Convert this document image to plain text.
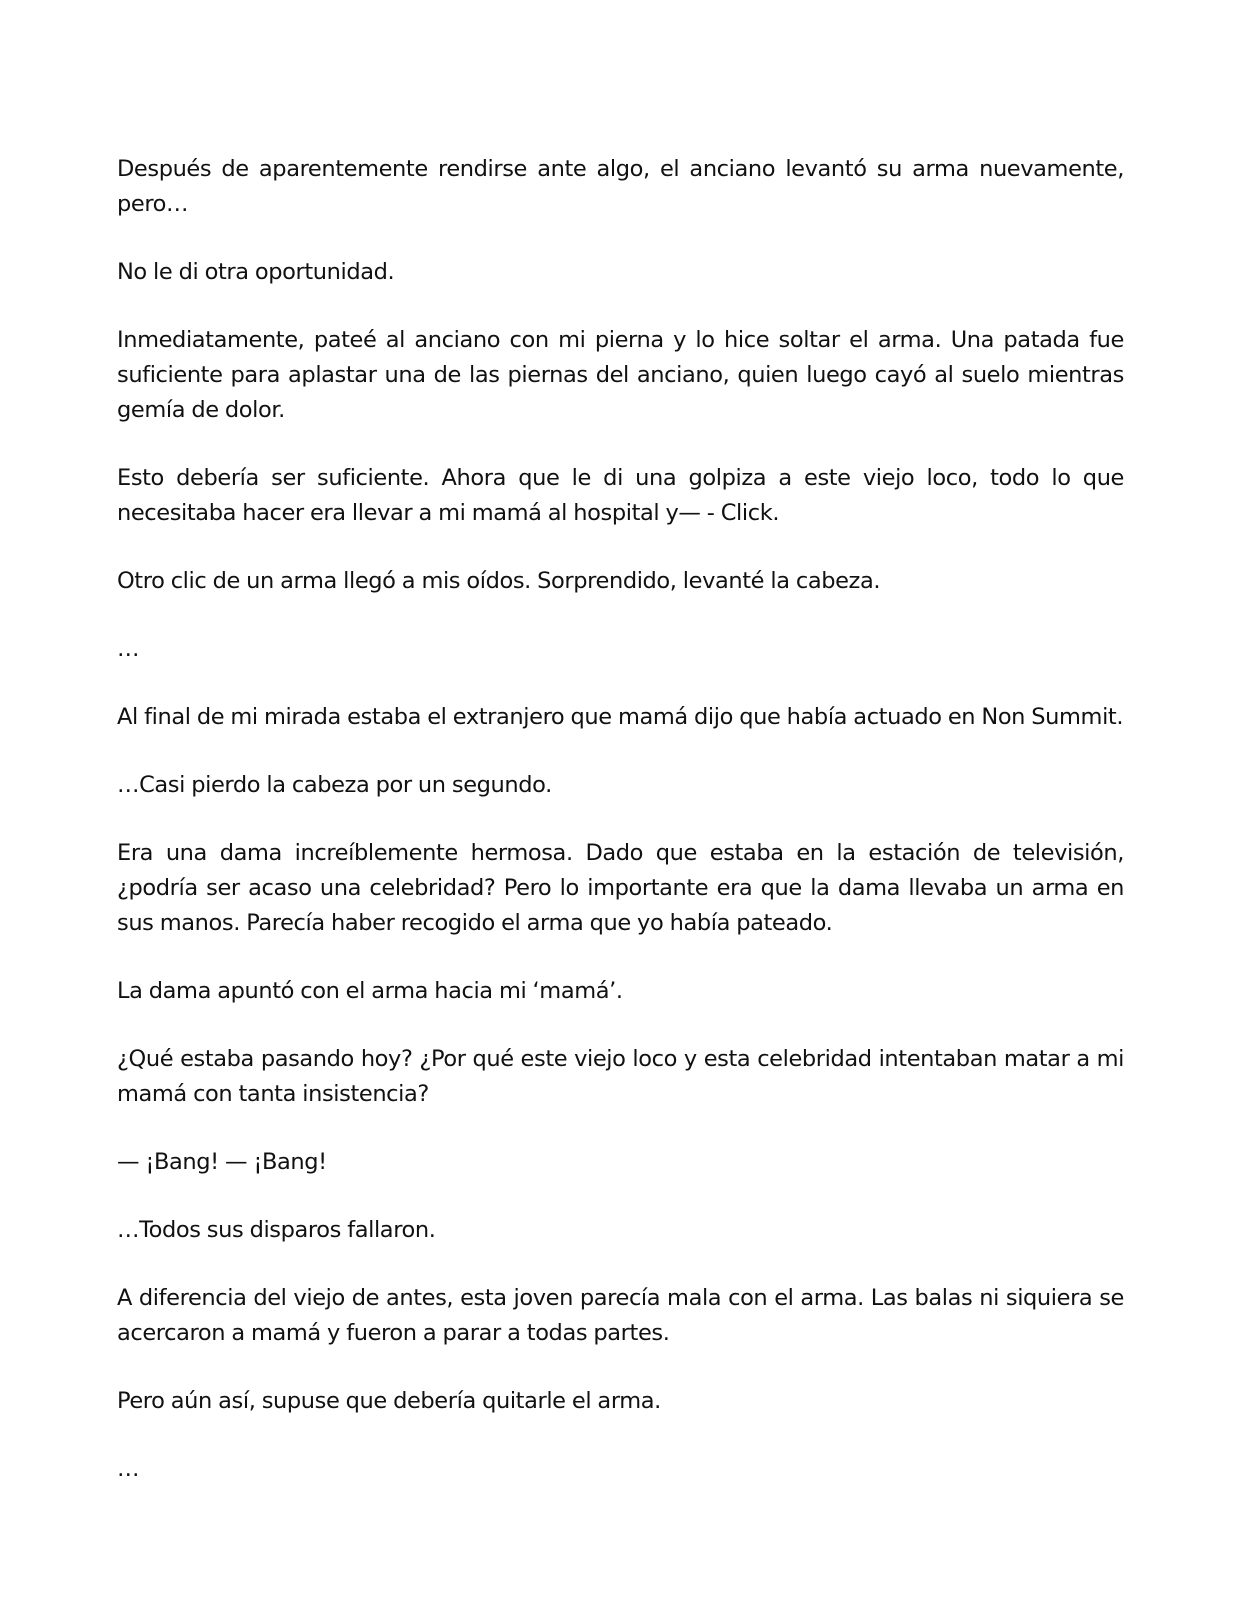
Después de aparentemente rendirse ante algo, el anciano levantó su arma nuevamente, pero…

No le di otra oportunidad.

Inmediatamente, pateé al anciano con mi pierna y lo hice soltar el arma. Una patada fue suficiente para aplastar una de las piernas del anciano, quien luego cayó al suelo mientras gemía de dolor.

Esto debería ser suficiente. Ahora que le di una golpiza a este viejo loco, todo lo que necesitaba hacer era llevar a mi mamá al hospital y— - Click.

Otro clic de un arma llegó a mis oídos. Sorprendido, levanté la cabeza.

…

Al final de mi mirada estaba el extranjero que mamá dijo que había actuado en Non Summit.

…Casi pierdo la cabeza por un segundo.

Era una dama increíblemente hermosa. Dado que estaba en la estación de televisión, ¿podría ser acaso una celebridad? Pero lo importante era que la dama llevaba un arma en sus manos. Parecía haber recogido el arma que yo había pateado.

La dama apuntó con el arma hacia mi ‘mamá’.

¿Qué estaba pasando hoy? ¿Por qué este viejo loco y esta celebridad intentaban matar a mi mamá con tanta insistencia?

— ¡Bang! — ¡Bang!

…Todos sus disparos fallaron.

A diferencia del viejo de antes, esta joven parecía mala con el arma. Las balas ni siquiera se acercaron a mamá y fueron a parar a todas partes.

Pero aún así, supuse que debería quitarle el arma.

…
